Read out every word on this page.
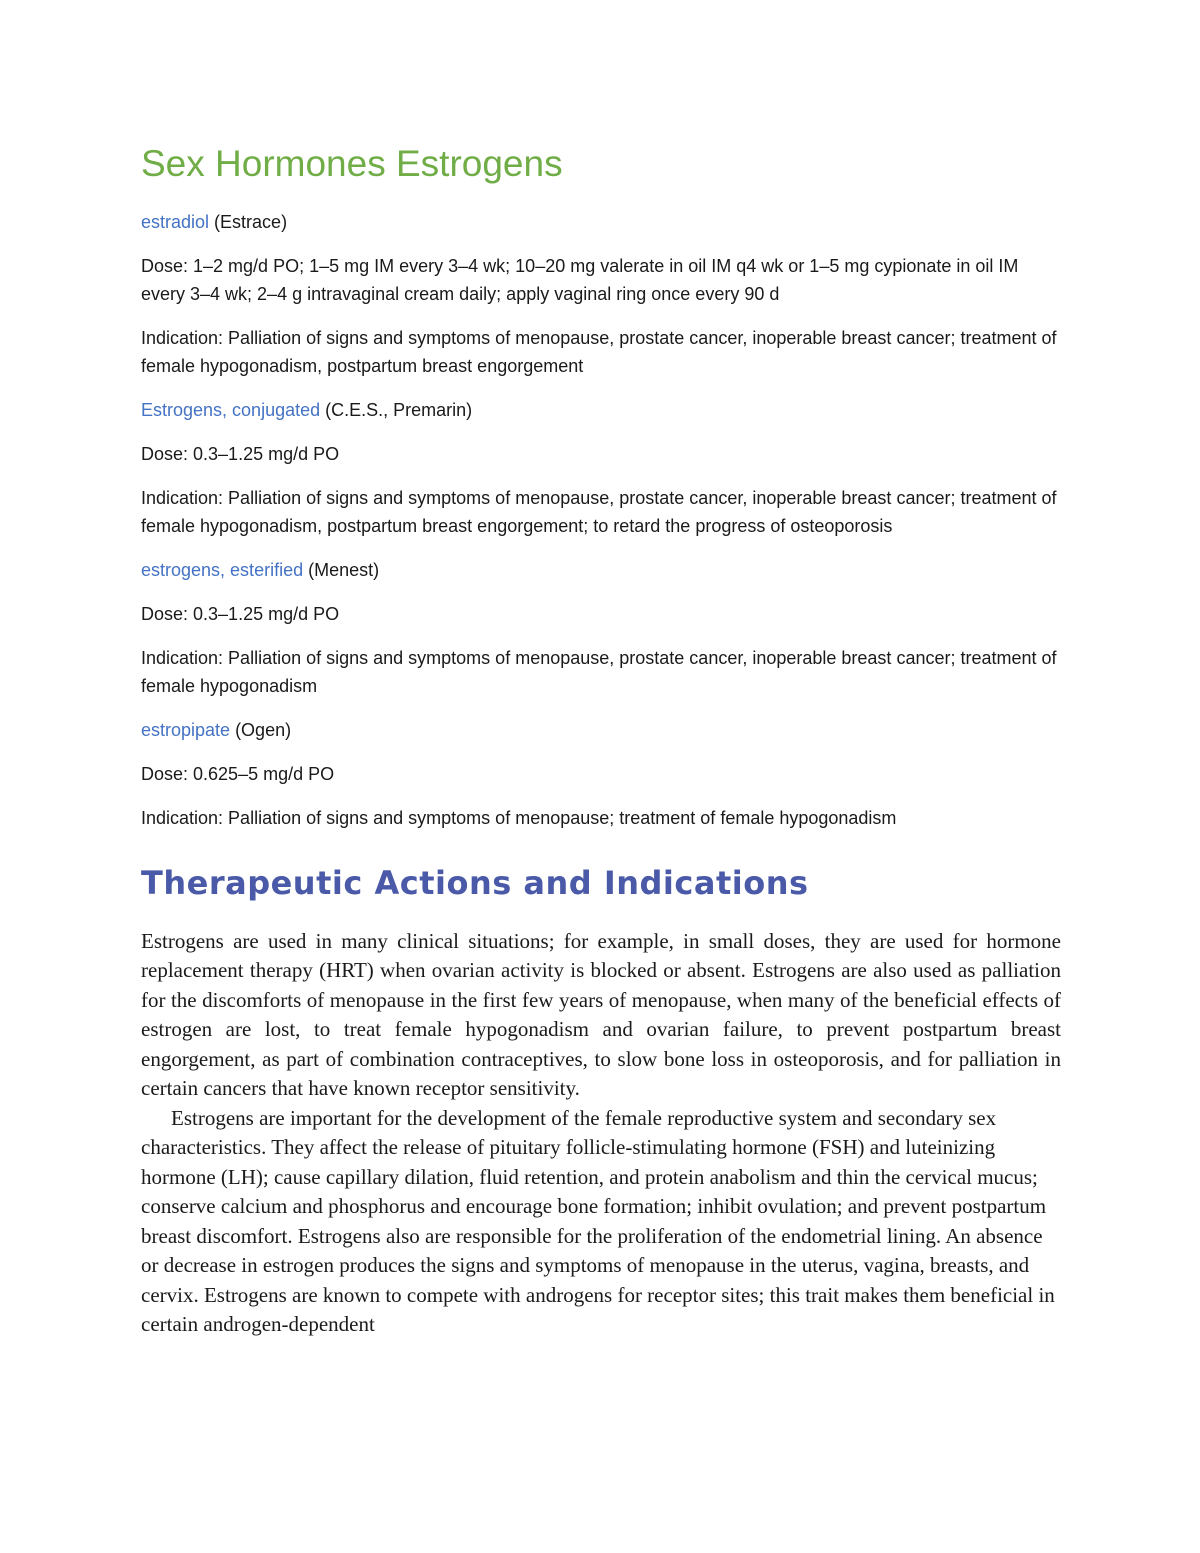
Sex Hormones Estrogens

estradiol (Estrace)

Dose: 1–2 mg/d PO; 1–5 mg IM every 3–4 wk; 10–20 mg valerate in oil IM q4 wk or 1–5 mg cypionate in oil IM every 3–4 wk; 2–4 g intravaginal cream daily; apply vaginal ring once every 90 d

Indication: Palliation of signs and symptoms of menopause, prostate cancer, inoperable breast cancer; treatment of female hypogonadism, postpartum breast engorgement

Estrogens, conjugated (C.E.S., Premarin)

Dose: 0.3–1.25 mg/d PO

Indication: Palliation of signs and symptoms of menopause, prostate cancer, inoperable breast cancer; treatment of female hypogonadism, postpartum breast engorgement; to retard the progress of osteoporosis

estrogens, esterified (Menest)

Dose: 0.3–1.25 mg/d PO

Indication: Palliation of signs and symptoms of menopause, prostate cancer, inoperable breast cancer; treatment of female hypogonadism

estropipate (Ogen)

Dose: 0.625–5 mg/d PO

Indication: Palliation of signs and symptoms of menopause; treatment of female hypogonadism

Therapeutic Actions and Indications

Estrogens are used in many clinical situations; for example, in small doses, they are used for hormone replacement therapy (HRT) when ovarian activity is blocked or absent. Estrogens are also used as palliation for the discomforts of menopause in the first few years of menopause, when many of the beneficial effects of estrogen are lost, to treat female hypogonadism and ovarian failure, to prevent postpartum breast engorgement, as part of combination contraceptives, to slow bone loss in osteoporosis, and for palliation in certain cancers that have known receptor sensitivity.

Estrogens are important for the development of the female reproductive system and secondary sex characteristics. They affect the release of pituitary follicle-stimulating hormone (FSH) and luteinizing hormone (LH); cause capillary dilation, fluid retention, and protein anabolism and thin the cervical mucus; conserve calcium and phosphorus and encourage bone formation; inhibit ovulation; and prevent postpartum breast discomfort. Estrogens also are responsible for the proliferation of the endometrial lining. An absence or decrease in estrogen produces the signs and symptoms of menopause in the uterus, vagina, breasts, and cervix. Estrogens are known to compete with androgens for receptor sites; this trait makes them beneficial in certain androgen-dependent
